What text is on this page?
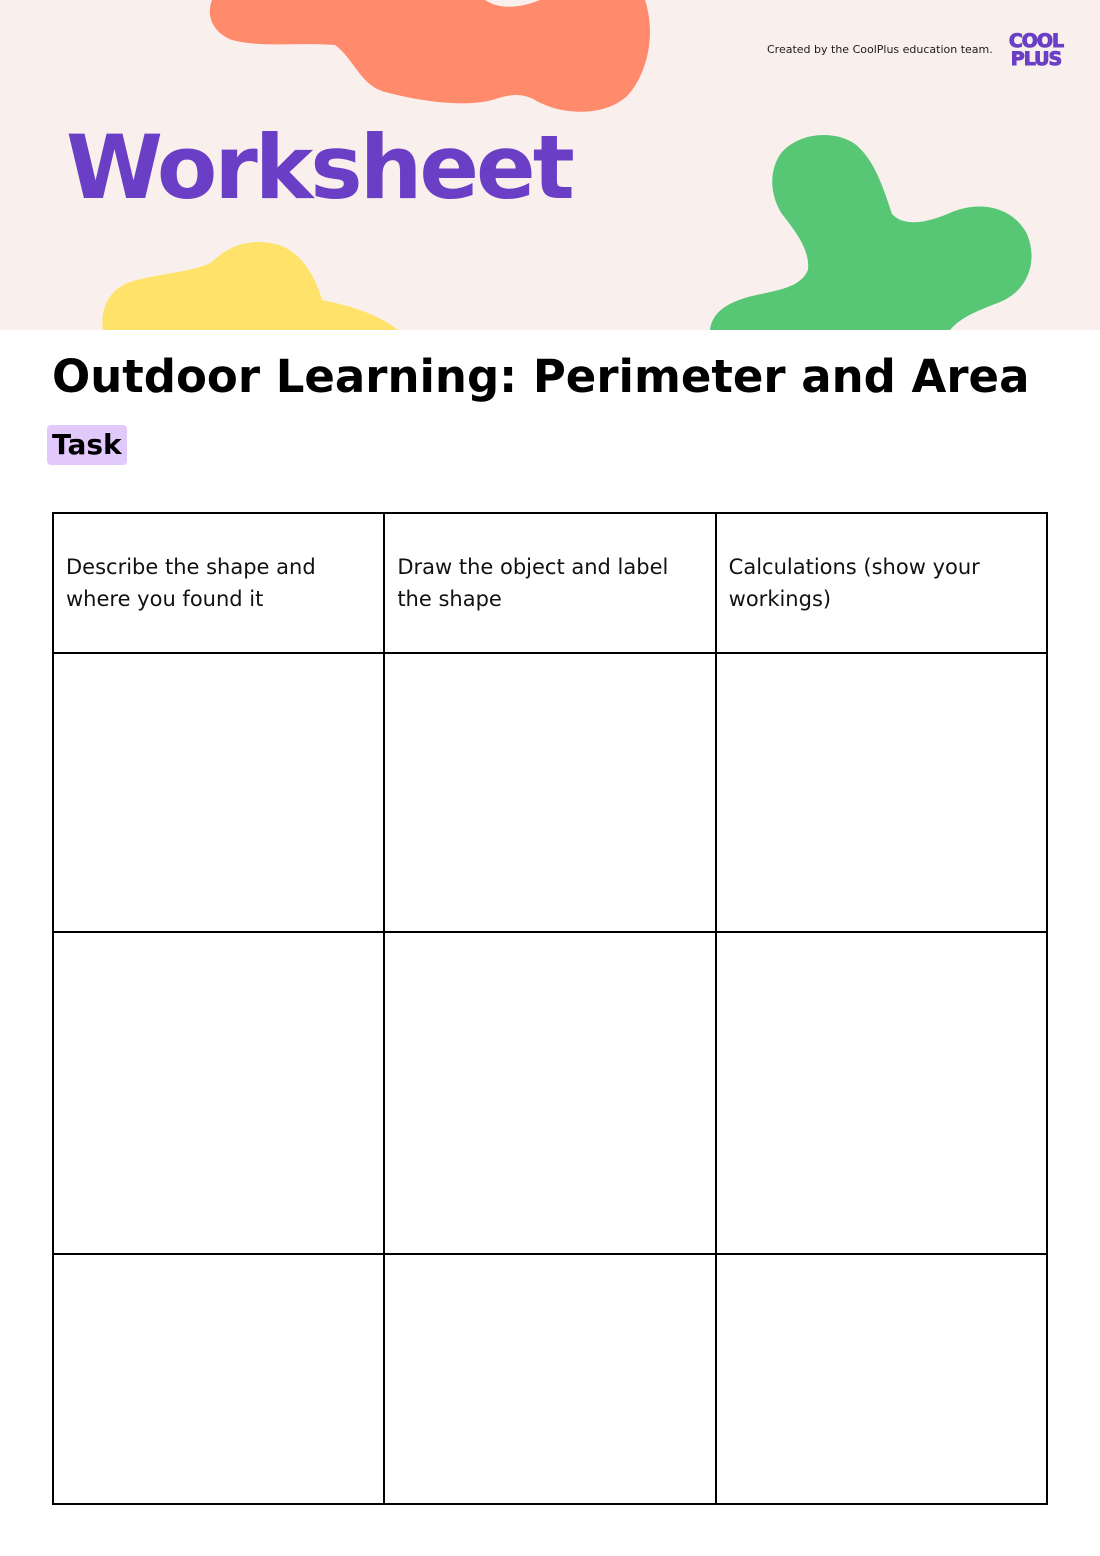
Worksheet
Created by the CoolPlus education team. COOL
PLUS
Outdoor Learning: Perimeter and Area
Task
Describe the shape and where you found it	Draw the object and label the shape	Calculations (show your workings)
